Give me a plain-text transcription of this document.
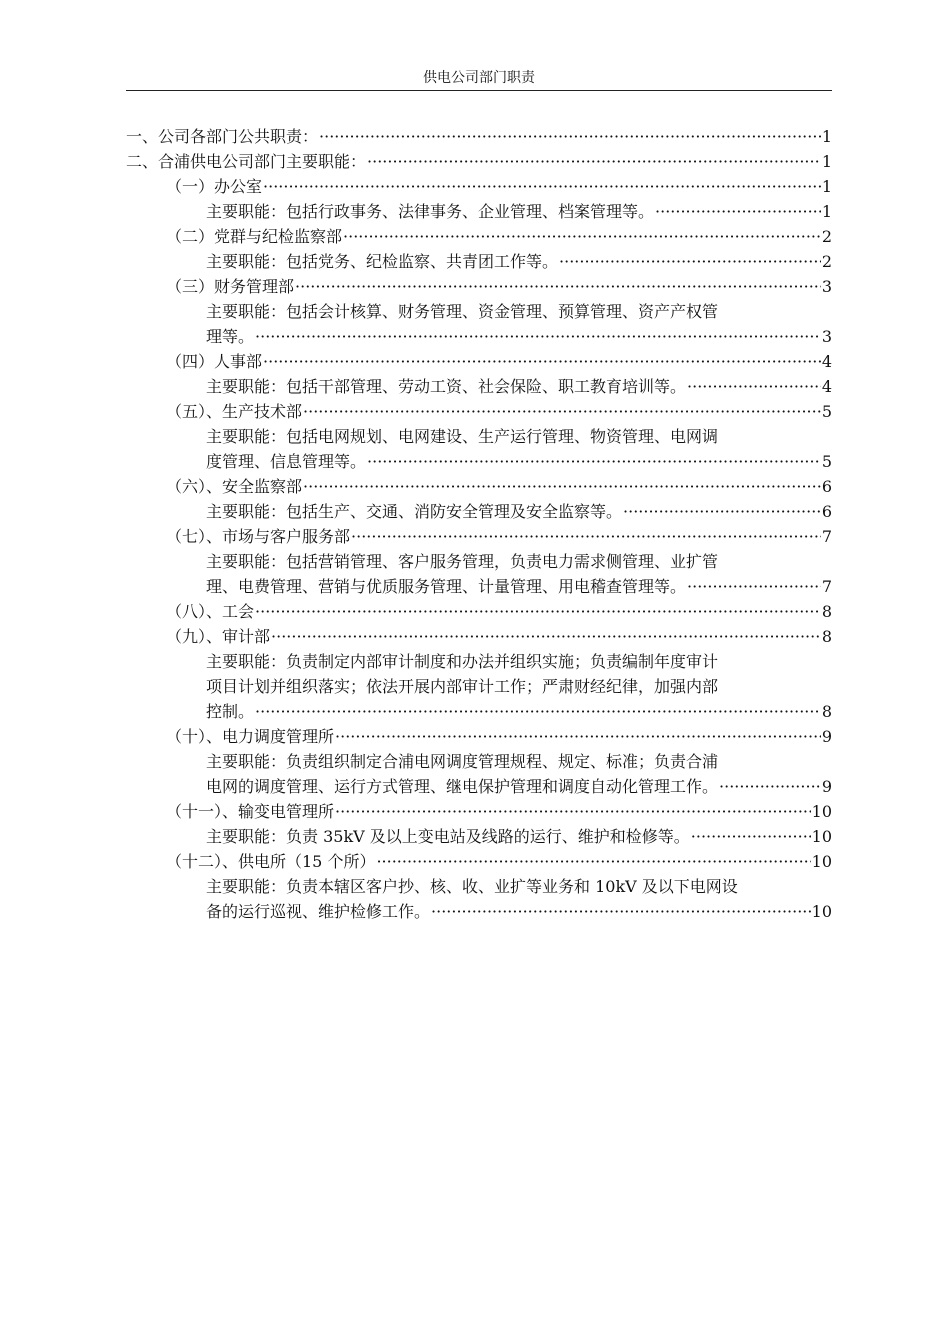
供电公司部门职责
一、公司各部门公共职责： ·····	1
二、合浦供电公司部门主要职能： ·····	1
（一）办公室 ·····	1
主要职能：包括行政事务、法律事务、企业管理、档案管理等。 ·····	1
（二）党群与纪检监察部 ·····	2
主要职能：包括党务、纪检监察、共青团工作等。 ·····	2
（三）财务管理部 ·····	3
主要职能：包括会计核算、财务管理、资金管理、预算管理、资产产权管
理等。 ·····	3
（四）人事部 ·····	4
主要职能：包括干部管理、劳动工资、社会保险、职工教育培训等。 ·····	4
（五）、生产技术部 ·····	5
主要职能：包括电网规划、电网建设、生产运行管理、物资管理、电网调
度管理、信息管理等。 ·····	5
（六）、安全监察部 ·····	6
主要职能：包括生产、交通、消防安全管理及安全监察等。 ·····	6
（七）、市场与客户服务部 ·····	7
主要职能：包括营销管理、客户服务管理，负责电力需求侧管理、业扩管
理、电费管理、营销与优质服务管理、计量管理、用电稽查管理等。 ·····	7
（八）、工会 ·····	8
（九）、审计部 ·····	8
主要职能：负责制定内部审计制度和办法并组织实施；负责编制年度审计
项目计划并组织落实；依法开展内部审计工作；严肃财经纪律，加强内部
控制。 ·····	8
（十）、电力调度管理所 ·····	9
主要职能：负责组织制定合浦电网调度管理规程、规定、标准；负责合浦
电网的调度管理、运行方式管理、继电保护管理和调度自动化管理工作。 ·····	9
（十一）、输变电管理所 ·····	10
主要职能：负责 35kV 及以上变电站及线路的运行、维护和检修等。 ·····	10
（十二）、供电所（15 个所） ·····	10
主要职能：负责本辖区客户抄、核、收、业扩等业务和 10kV 及以下电网设
备的运行巡视、维护检修工作。 ·····	10
